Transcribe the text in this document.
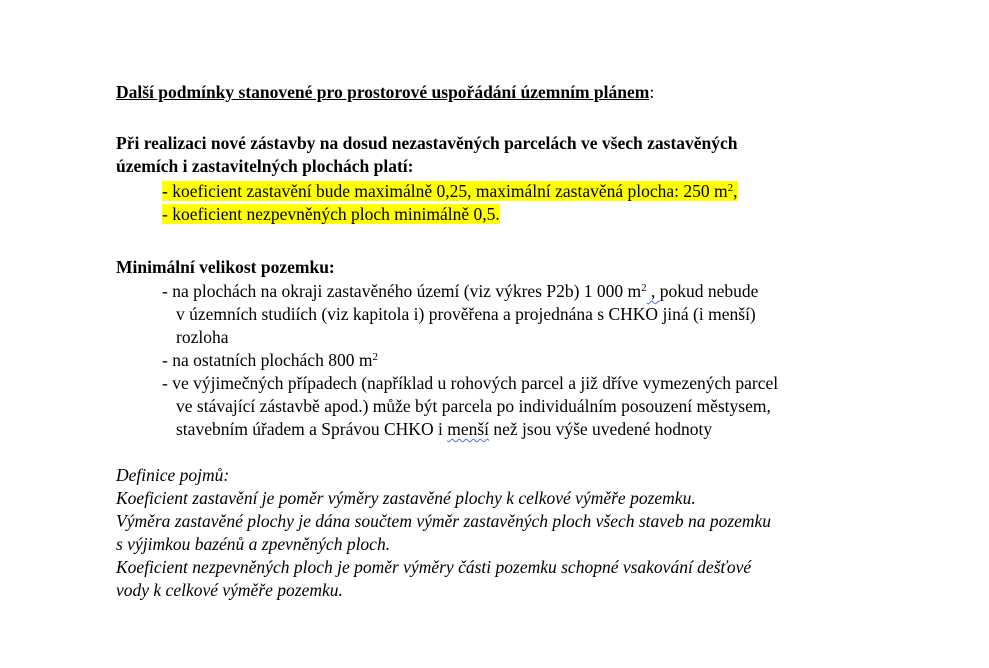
Další podmínky stanovené pro prostorové uspořádání územním plánem:
Při realizaci nové zástavby na dosud nezastavěných parcelách ve všech zastavěných
územích i zastavitelných plochách platí:
- koeficient zastavění bude maximálně 0,25, maximální zastavěná plocha: 250 $m^2$,
- koeficient nezpevněných ploch minimálně 0,5.
Minimální velikost pozemku:
- na plochách na okraji zastavěného území (viz výkres P2b) 1 000 $m^2$ , pokud nebude
v územních studiích (viz kapitola i) prověřena a projednána s CHKO jiná (i menší)
rozloha
- na ostatních plochách 800 $m^2$
- ve výjimečných případech (například u rohových parcel a již dříve vymezených parcel
ve stávající zástavbě apod.) může být parcela po individuálním posouzení městysem,
stavebním úřadem a Správou CHKO i menší než jsou výše uvedené hodnoty
Definice pojmů:
Koeficient zastavění je poměr výměry zastavěné plochy k celkové výměře pozemku.
Výměra zastavěné plochy je dána součtem výměr zastavěných ploch všech staveb na pozemku
s výjimkou bazénů a zpevněných ploch.
Koeficient nezpevněných ploch je poměr výměry části pozemku schopné vsakování dešťové
vody k celkové výměře pozemku.
